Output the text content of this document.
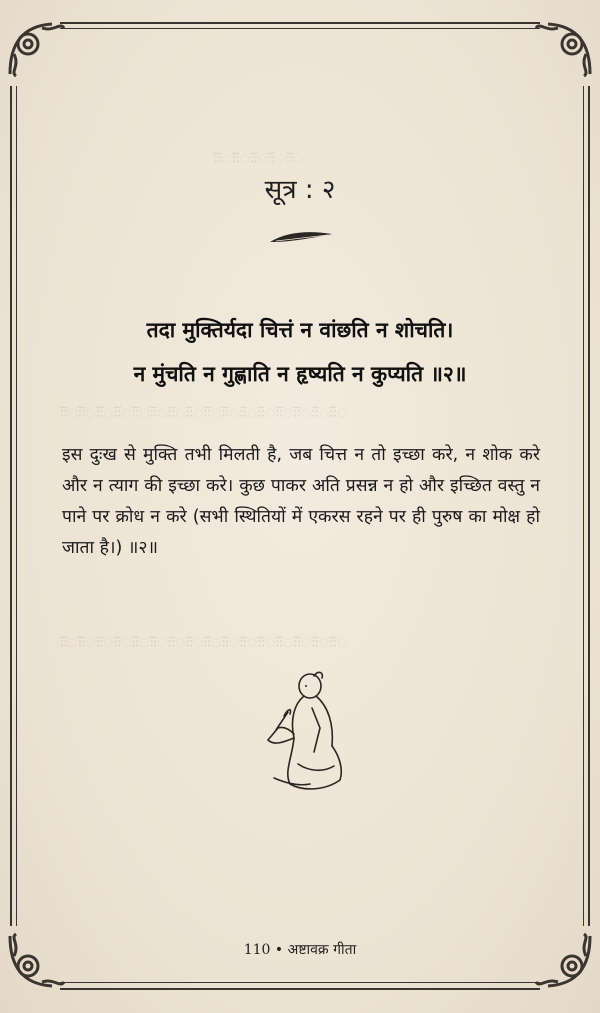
ःःःःःःःःःः
ःःःःःःःःःःःःःःःःःःःःःःःःःःःःःःःः
ःःःःःःःःःःःःःःःःःःःःःःःःःःःःःःःः
सूत्र : २
तदा मुक्तिर्यदा चित्तं न वांछति न शोचति।
न मुंचति न गुह्णाति न हृष्यति न कुप्यति ॥२॥
इस दुःख से मुक्ति तभी मिलती है, जब चित्त न तो इच्छा करे, न शोक करे और न त्याग की इच्छा करे। कुछ पाकर अति प्रसन्न न हो और इच्छित वस्तु न पाने पर क्रोध न करे (सभी स्थितियों में एकरस रहने पर ही पुरुष का मोक्ष हो जाता है।) ॥२॥
110 • अष्टावक्र गीता
